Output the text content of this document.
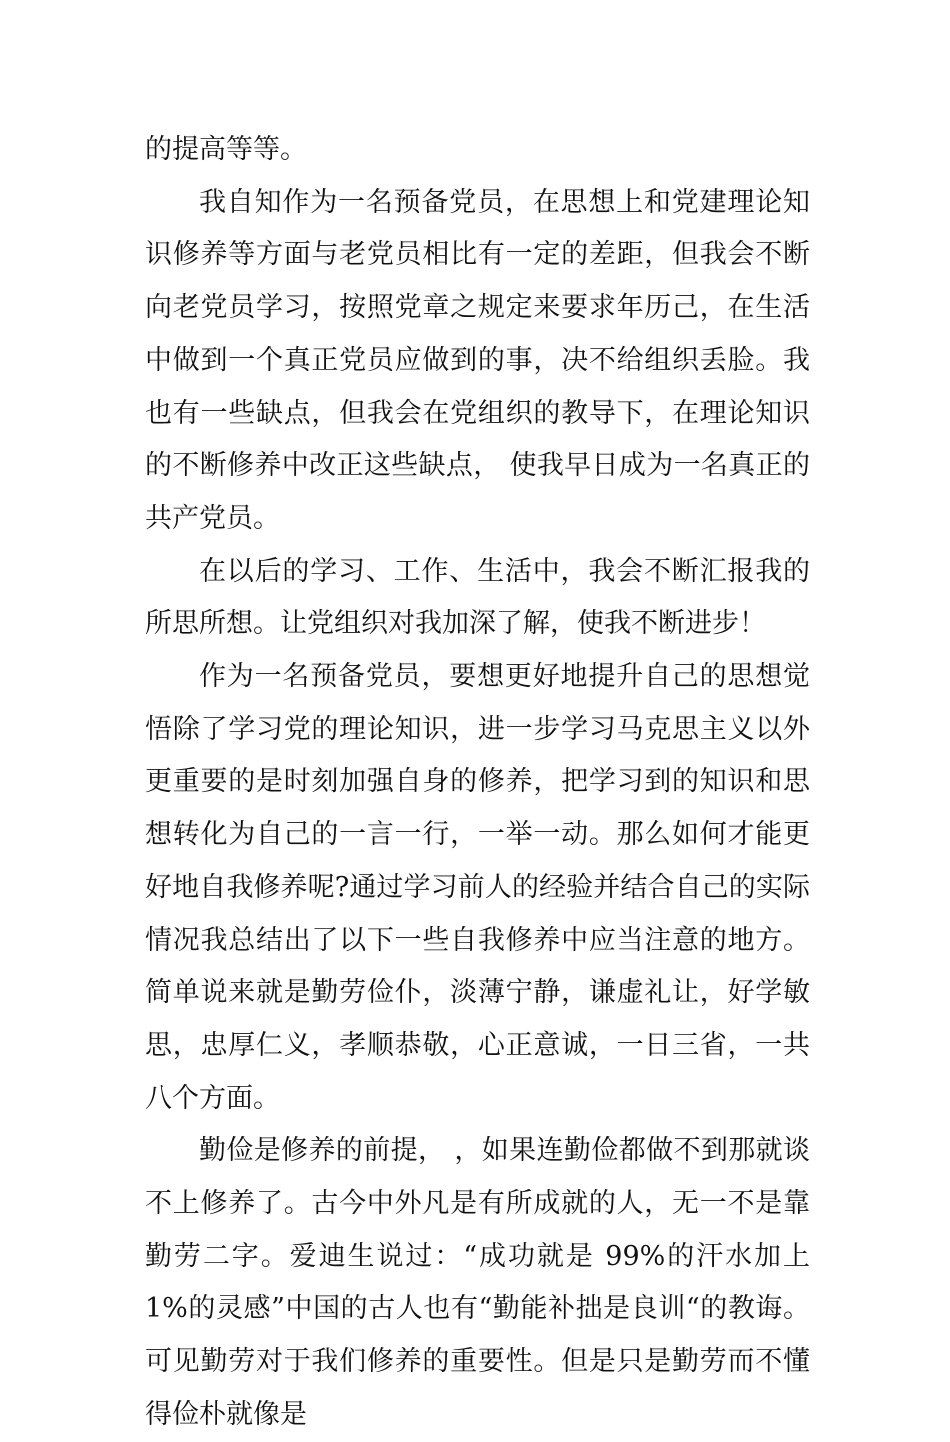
的提高等等。

我自知作为一名预备党员，在思想上和党建理论知识修养等方面与老党员相比有一定的差距，但我会不断向老党员学习，按照党章之规定来要求年历己，在生活中做到一个真正党员应做到的事，决不给组织丢脸。我也有一些缺点，但我会在党组织的教导下，在理论知识的不断修养中改正这些缺点， 使我早日成为一名真正的共产党员。

在以后的学习、工作、生活中，我会不断汇报我的所思所想。让党组织对我加深了解，使我不断进步！

作为一名预备党员，要想更好地提升自己的思想觉悟除了学习党的理论知识，进一步学习马克思主义以外更重要的是时刻加强自身的修养，把学习到的知识和思想转化为自己的一言一行，一举一动。那么如何才能更好地自我修养呢?通过学习前人的经验并结合自己的实际情况我总结出了以下一些自我修养中应当注意的地方。简单说来就是勤劳俭仆，淡薄宁静，谦虚礼让，好学敏思，忠厚仁义，孝顺恭敬，心正意诚，一日三省，一共八个方面。

勤俭是修养的前提， ，如果连勤俭都做不到那就谈不上修养了。古今中外凡是有所成就的人，无一不是靠勤劳二字。爱迪生说过：“成功就是 99%的汗水加上 1%的灵感”中国的古人也有“勤能补拙是良训“的教诲。可见勤劳对于我们修养的重要性。但是只是勤劳而不懂得俭朴就像是
